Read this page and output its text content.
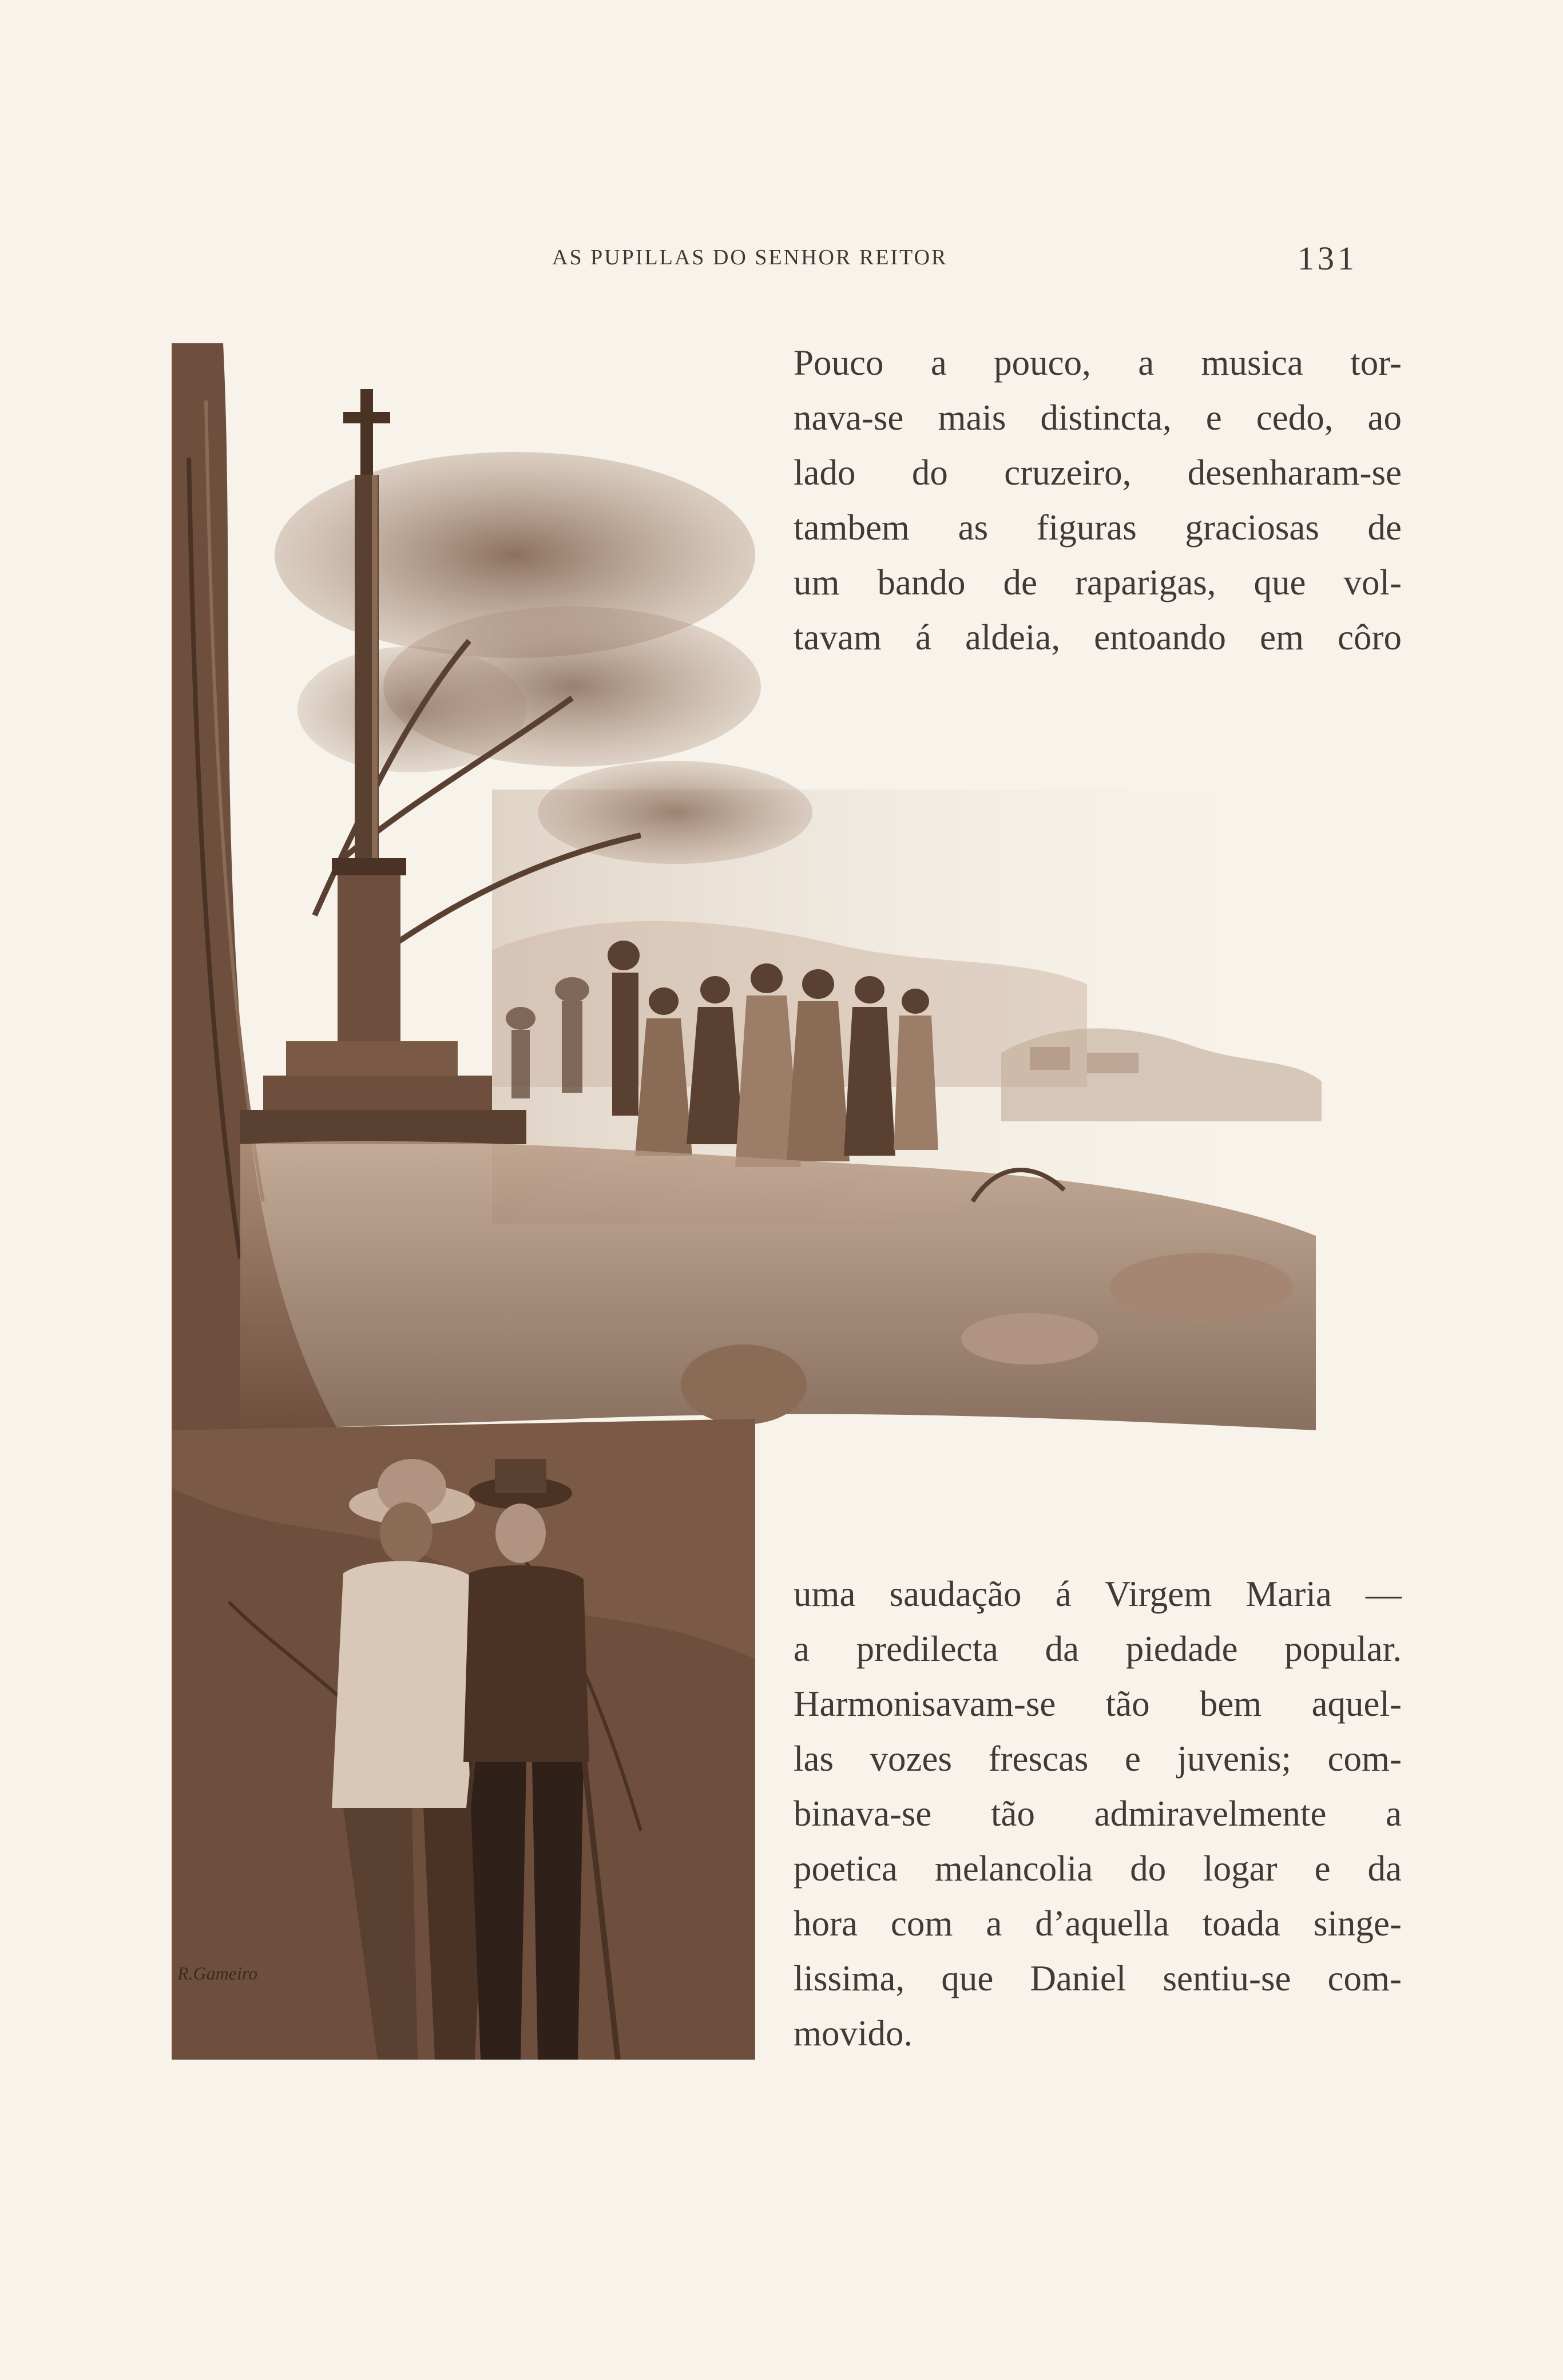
AS PUPILLAS DO SENHOR REITOR	131
R.Gameiro
Pouco a pouco, a musica tor-
nava-se mais distincta, e cedo, ao
lado do cruzeiro, desenharam-se
tambem as figuras graciosas de
um bando de raparigas, que vol-
tavam á aldeia, entoando em côro
uma saudação á Virgem Maria —
a predilecta da piedade popular.
Harmonisavam-se tão bem aquel-
las vozes frescas e juvenis; com-
binava-se tão admiravelmente a
poetica melancolia do logar e da
hora com a d’aquella toada singe-
lissima, que Daniel sentiu-se com-
movido.
